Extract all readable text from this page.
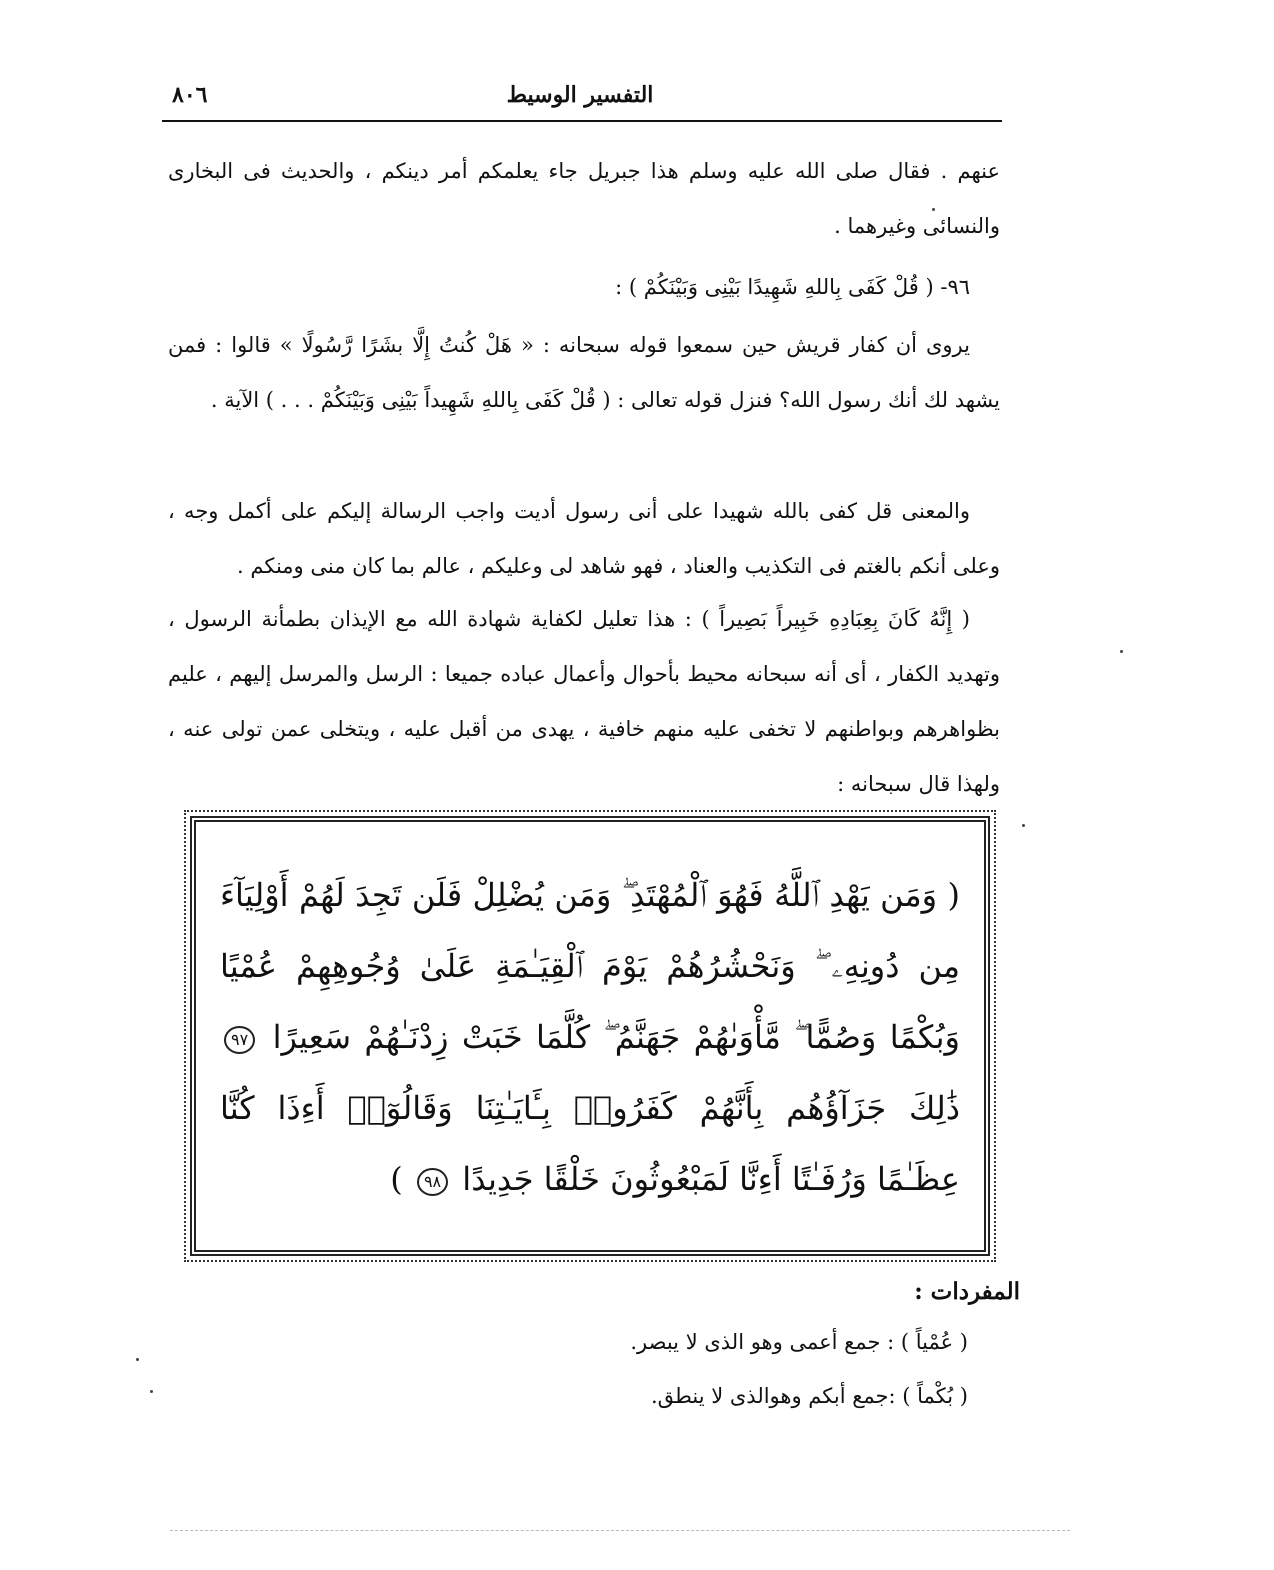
التفسير الوسيط
٨٠٦
عنهم . فقال صلى الله عليه وسلم هذا جبريل جاء يعلمكم أمر دينكم ، والحديث فى البخارى والنسائى وغيرهما .
٩٦- ( قُلْ كَفَى بِاللهِ شَهِيدًا بَيْنِى وَبَيْنَكُمْ ) :
يروى أن كفار قريش حين سمعوا قوله سبحانه : « هَلْ كُنتُ إِلَّا بشَرًا رَّسُولًا » قالوا : فمن يشهد لك أنك رسول الله؟ فنزل قوله تعالى : ( قُلْ كَفَى بِاللهِ شَهِيداً بَيْنِى وَبَيْنَكُمْ . . . ) الآية .
والمعنى قل كفى بالله شهيدا على أنى رسول أديت واجب الرسالة إليكم على أكمل وجه ، وعلى أنكم بالغتم فى التكذيب والعناد ، فهو شاهد لى وعليكم ، عالم بما كان منى ومنكم .
( إِنَّهُ كَانَ بِعِبَادِهِ خَبِيراً بَصِيراً ) : هذا تعليل لكفاية شهادة الله مع الإيذان بطمأنة الرسول ، وتهديد الكفار ، أى أنه سبحانه محيط بأحوال وأعمال عباده جميعا : الرسل والمرسل إليهم ، عليم بظواهرهم وبواطنهم لا تخفى عليه منهم خافية ، يهدى من أقبل عليه ، ويتخلى عمن تولى عنه ، ولهذا قال سبحانه :
( وَمَن يَهْدِ ٱللَّهُ فَهُوَ ٱلْمُهْتَدِ ۖ وَمَن يُضْلِلْ فَلَن تَجِدَ لَهُمْ أَوْلِيَآءَ مِن دُونِهِۦ ۖ وَنَحْشُرُهُمْ يَوْمَ ٱلْقِيَـٰمَةِ عَلَىٰ وُجُوهِهِمْ عُمْيًا وَبُكْمًا وَصُمًّا ۖ مَّأْوَىٰهُمْ جَهَنَّمُ ۖ كُلَّمَا خَبَتْ زِدْنَـٰهُمْ سَعِيرًا ٩٧ ذَٰلِكَ جَزَآؤُهُم بِأَنَّهُمْ كَفَرُوا۟ بِـَٔايَـٰتِنَا وَقَالُوٓا۟ أَءِذَا كُنَّا عِظَـٰمًا وَرُفَـٰتًا أَءِنَّا لَمَبْعُوثُونَ خَلْقًا جَدِيدًا ٩٨ )
المفردات :
( عُمْياً ) : جمع أعمى وهو الذى لا يبصر.
( بُكْماً ) :جمع أبكم وهوالذى لا ينطق.
